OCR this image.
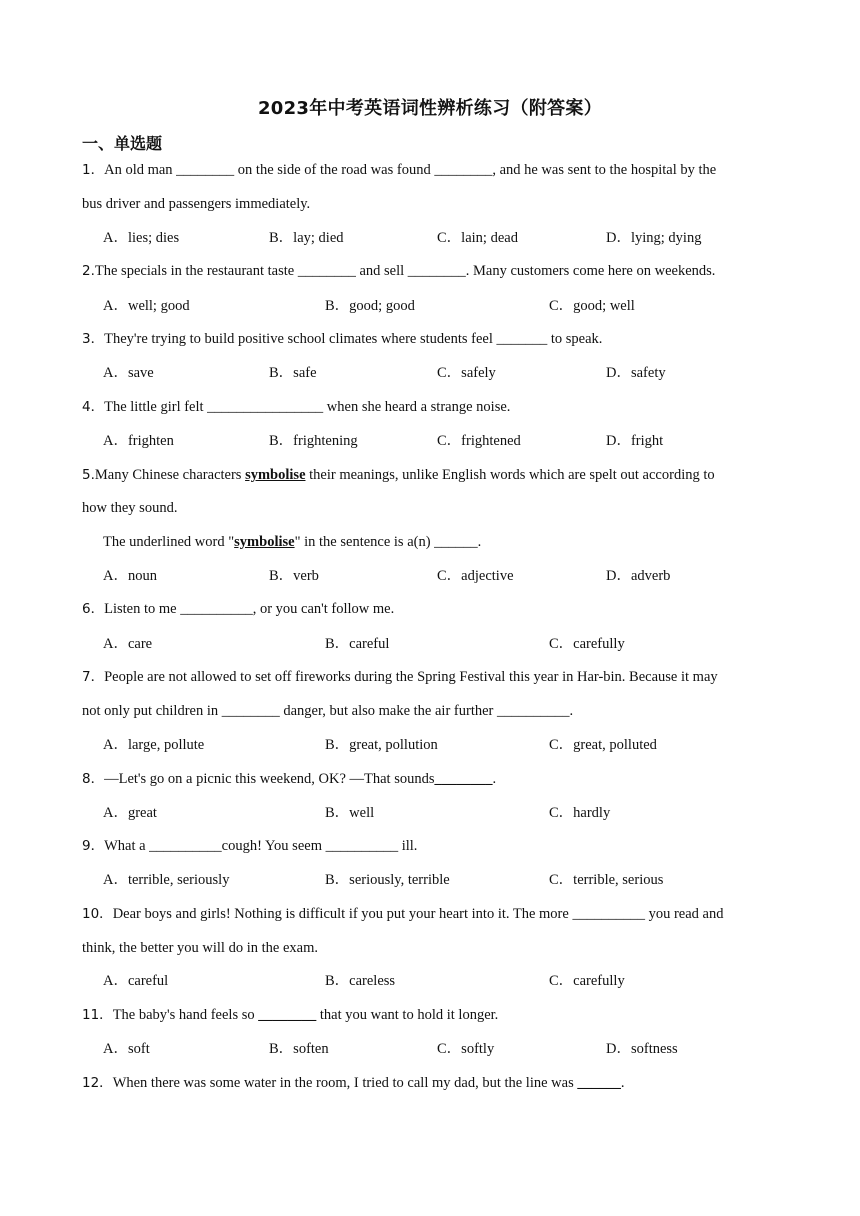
2023年中考英语词性辨析练习（附答案）
一、单选题
1．An old man ________ on the side of the road was found ________, and he was sent to the hospital by the
bus driver and passengers immediately.
A．lies; dies	B．lay; died	C．lain; dead	D．lying; dying
2.The specials in the restaurant taste ________ and sell ________. Many customers come here on weekends.
A．well; good	B．good; good	C．good; well
3．They're trying to build positive school climates where students feel _______ to speak.
A．save	B．safe	C．safely	D．safety
4．The little girl felt ________________ when she heard a strange noise.
A．frighten	B．frightening	C．frightened	D．fright
5.Many Chinese characters symbolise their meanings, unlike English words which are spelt out according to
how they sound.
The underlined word "symbolise" in the sentence is a(n) ______.
A．noun	B．verb	C．adjective	D．adverb
6．Listen to me __________, or you can't follow me.
A．care	B．careful	C．carefully
7．People are not allowed to set off fireworks during the Spring Festival this year in Har-bin. Because it may
not only put children in ________ danger, but also make the air further __________.
A．large, pollute	B．great, pollution	C．great, polluted
8．—Let's go on a picnic this weekend, OK? —That sounds________.
A．great	B．well	C．hardly
9．What a __________cough! You seem __________ ill.
A．terrible, seriously	B．seriously, terrible	C．terrible, serious
10．Dear boys and girls! Nothing is difficult if you put your heart into it. The more __________ you read and
think, the better you will do in the exam.
A．careful	B．careless	C．carefully
11．The baby's hand feels so ________ that you want to hold it longer.
A．soft	B．soften	C．softly	D．softness
12．When there was some water in the room, I tried to call my dad, but the line was ______.
